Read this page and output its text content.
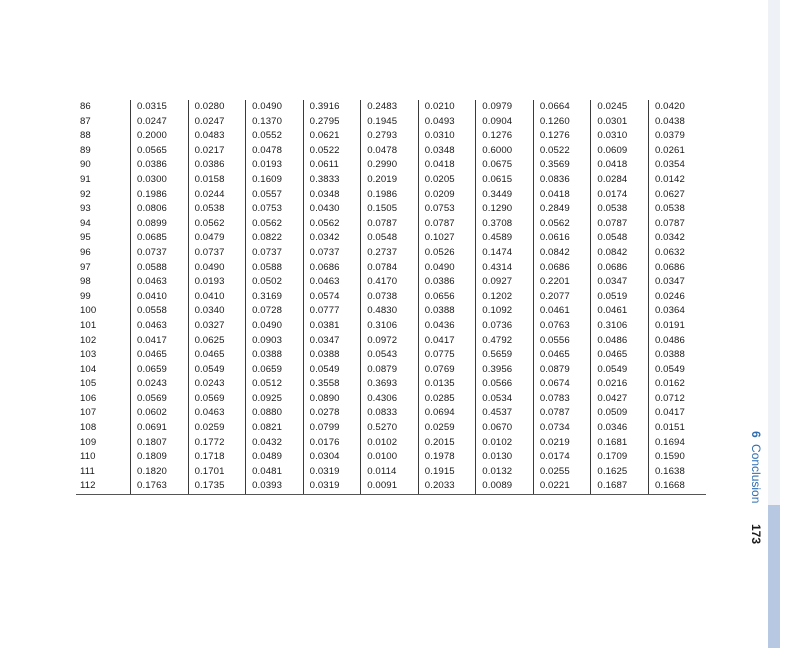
86	0.0315	0.0280	0.0490	0.3916	0.2483	0.0210	0.0979	0.0664	0.0245	0.0420
87	0.0247	0.0247	0.1370	0.2795	0.1945	0.0493	0.0904	0.1260	0.0301	0.0438
88	0.2000	0.0483	0.0552	0.0621	0.2793	0.0310	0.1276	0.1276	0.0310	0.0379
89	0.0565	0.0217	0.0478	0.0522	0.0478	0.0348	0.6000	0.0522	0.0609	0.0261
90	0.0386	0.0386	0.0193	0.0611	0.2990	0.0418	0.0675	0.3569	0.0418	0.0354
91	0.0300	0.0158	0.1609	0.3833	0.2019	0.0205	0.0615	0.0836	0.0284	0.0142
92	0.1986	0.0244	0.0557	0.0348	0.1986	0.0209	0.3449	0.0418	0.0174	0.0627
93	0.0806	0.0538	0.0753	0.0430	0.1505	0.0753	0.1290	0.2849	0.0538	0.0538
94	0.0899	0.0562	0.0562	0.0562	0.0787	0.0787	0.3708	0.0562	0.0787	0.0787
95	0.0685	0.0479	0.0822	0.0342	0.0548	0.1027	0.4589	0.0616	0.0548	0.0342
96	0.0737	0.0737	0.0737	0.0737	0.2737	0.0526	0.1474	0.0842	0.0842	0.0632
97	0.0588	0.0490	0.0588	0.0686	0.0784	0.0490	0.4314	0.0686	0.0686	0.0686
98	0.0463	0.0193	0.0502	0.0463	0.4170	0.0386	0.0927	0.2201	0.0347	0.0347
99	0.0410	0.0410	0.3169	0.0574	0.0738	0.0656	0.1202	0.2077	0.0519	0.0246
100	0.0558	0.0340	0.0728	0.0777	0.4830	0.0388	0.1092	0.0461	0.0461	0.0364
101	0.0463	0.0327	0.0490	0.0381	0.3106	0.0436	0.0736	0.0763	0.3106	0.0191
102	0.0417	0.0625	0.0903	0.0347	0.0972	0.0417	0.4792	0.0556	0.0486	0.0486
103	0.0465	0.0465	0.0388	0.0388	0.0543	0.0775	0.5659	0.0465	0.0465	0.0388
104	0.0659	0.0549	0.0659	0.0549	0.0879	0.0769	0.3956	0.0879	0.0549	0.0549
105	0.0243	0.0243	0.0512	0.3558	0.3693	0.0135	0.0566	0.0674	0.0216	0.0162
106	0.0569	0.0569	0.0925	0.0890	0.4306	0.0285	0.0534	0.0783	0.0427	0.0712
107	0.0602	0.0463	0.0880	0.0278	0.0833	0.0694	0.4537	0.0787	0.0509	0.0417
108	0.0691	0.0259	0.0821	0.0799	0.5270	0.0259	0.0670	0.0734	0.0346	0.0151
109	0.1807	0.1772	0.0432	0.0176	0.0102	0.2015	0.0102	0.0219	0.1681	0.1694
110	0.1809	0.1718	0.0489	0.0304	0.0100	0.1978	0.0130	0.0174	0.1709	0.1590
111	0.1820	0.1701	0.0481	0.0319	0.0114	0.1915	0.0132	0.0255	0.1625	0.1638
112	0.1763	0.1735	0.0393	0.0319	0.0091	0.2033	0.0089	0.0221	0.1687	0.1668
6 Conclusion
173
